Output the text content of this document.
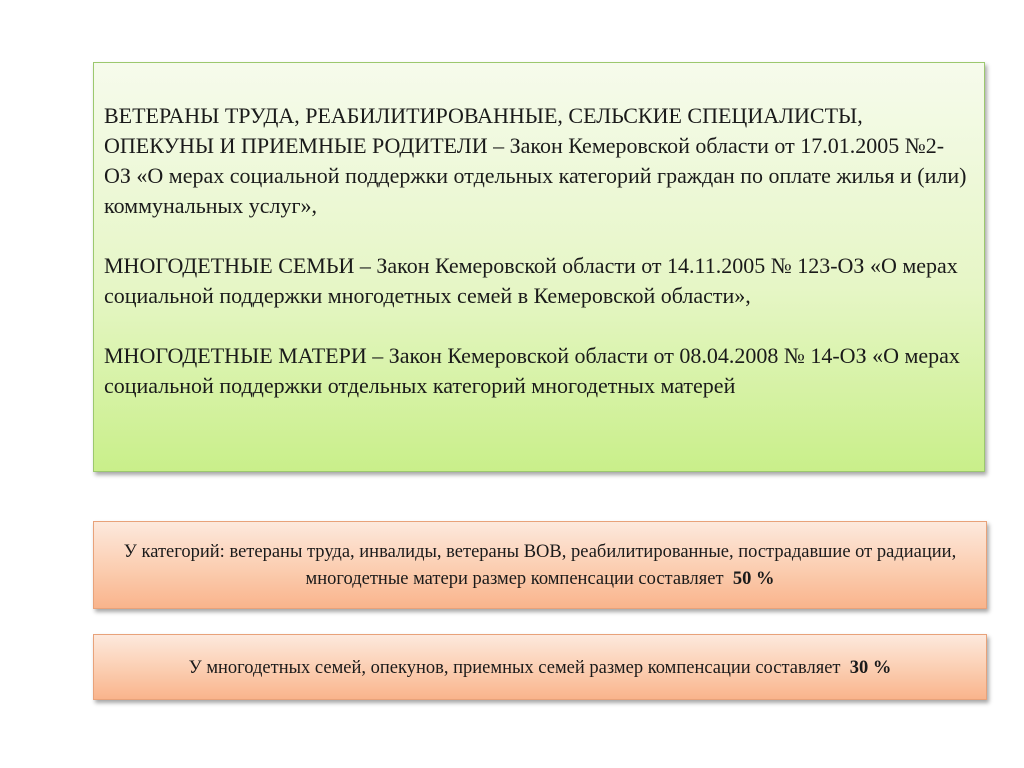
ВЕТЕРАНЫ ТРУДА, РЕАБИЛИТИРОВАННЫЕ, СЕЛЬСКИЕ СПЕЦИАЛИСТЫ, ОПЕКУНЫ И ПРИЕМНЫЕ РОДИТЕЛИ – Закон Кемеровской области от 17.01.2005 №2-ОЗ «О мерах социальной поддержки отдельных категорий граждан по оплате жилья и (или) коммунальных услуг»,

МНОГОДЕТНЫЕ СЕМЬИ – Закон Кемеровской области от 14.11.2005 № 123-ОЗ «О мерах социальной поддержки многодетных семей в Кемеровской области»,

МНОГОДЕТНЫЕ МАТЕРИ – Закон Кемеровской области от 08.04.2008 № 14-ОЗ «О мерах социальной поддержки отдельных категорий многодетных матерей

У категорий: ветераны труда, инвалиды, ветераны ВОВ, реабилитированные, пострадавшие от радиации, многодетные матери размер компенсации составляет  50 %
У многодетных семей, опекунов, приемных семей размер компенсации составляет  30 %
